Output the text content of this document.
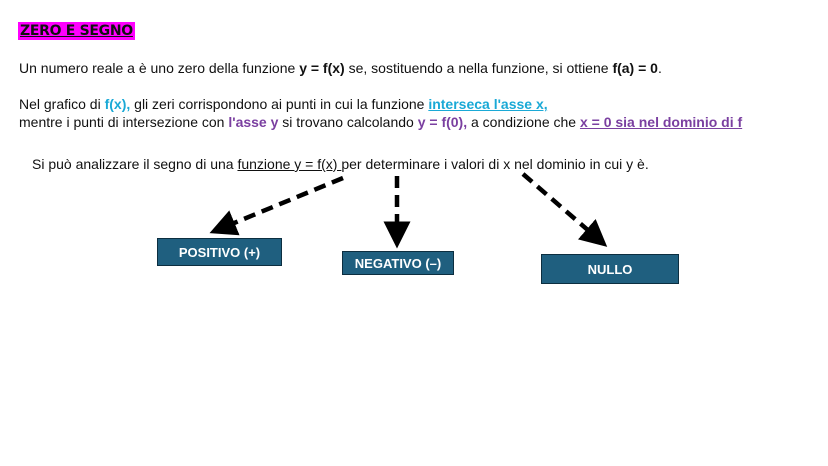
ZERO E SEGNO
Un numero reale a è uno zero della funzione y = f(x) se, sostituendo a nella funzione, si ottiene f(a) = 0.
Nel grafico di f(x), gli zeri corrispondono ai punti in cui la funzione interseca l'asse x,
mentre i punti di intersezione con l'asse y si trovano calcolando y = f(0), a condizione che x = 0 sia nel dominio di f
Si può analizzare il segno di una funzione y = f(x) per determinare i valori di x nel dominio in cui y è.
POSITIVO (+)
NEGATIVO (–)	NULLO
